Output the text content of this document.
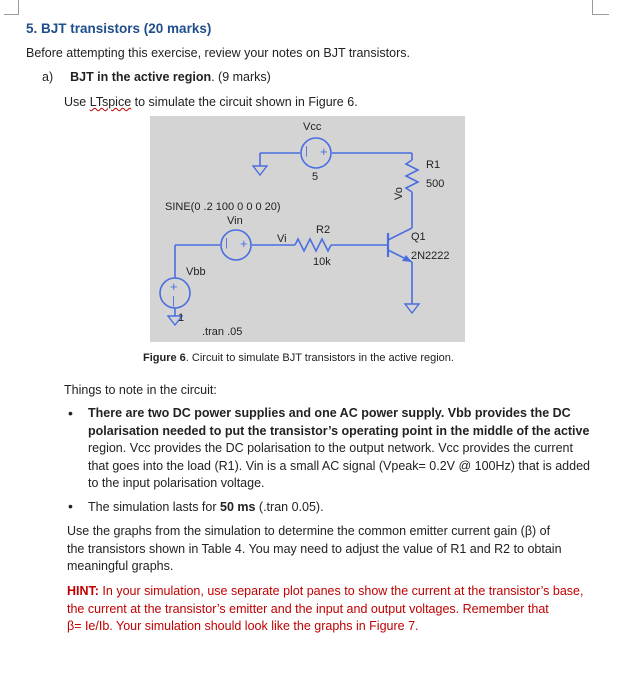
5. BJT transistors (20 marks)
Before attempting this exercise, review your notes on BJT transistors.
a) BJT in the active region. (9 marks)
Use LTspice to simulate the circuit shown in Figure 6.
| +
| +
+
|
Vcc
5
R1
500
SINE(0 .2 100 0 0 0 20)
Vin
Vi
R2
10k
Vo
Q1
2N2222
Vbb
1
.tran .05
Figure 6. Circuit to simulate BJT transistors in the active region.
Things to note in the circuit:
• There are two DC power supplies and one AC power supply. Vbb provides the DC
polarisation needed to put the transistor’s operating point in the middle of the active
region. Vcc provides the DC polarisation to the output network. Vcc provides the current
that goes into the load (R1). Vin is a small AC signal (Vpeak= 0.2V @ 100Hz) that is added
to the input polarisation voltage.
• The simulation lasts for 50 ms (.tran 0.05).
Use the graphs from the simulation to determine the common emitter current gain (β) of
the transistors shown in Table 4. You may need to adjust the value of R1 and R2 to obtain
meaningful graphs.
HINT: In your simulation, use separate plot panes to show the current at the transistor’s base,
the current at the transistor’s emitter and the input and output voltages. Remember that
β= Ie/Ib. Your simulation should look like the graphs in Figure 7.
